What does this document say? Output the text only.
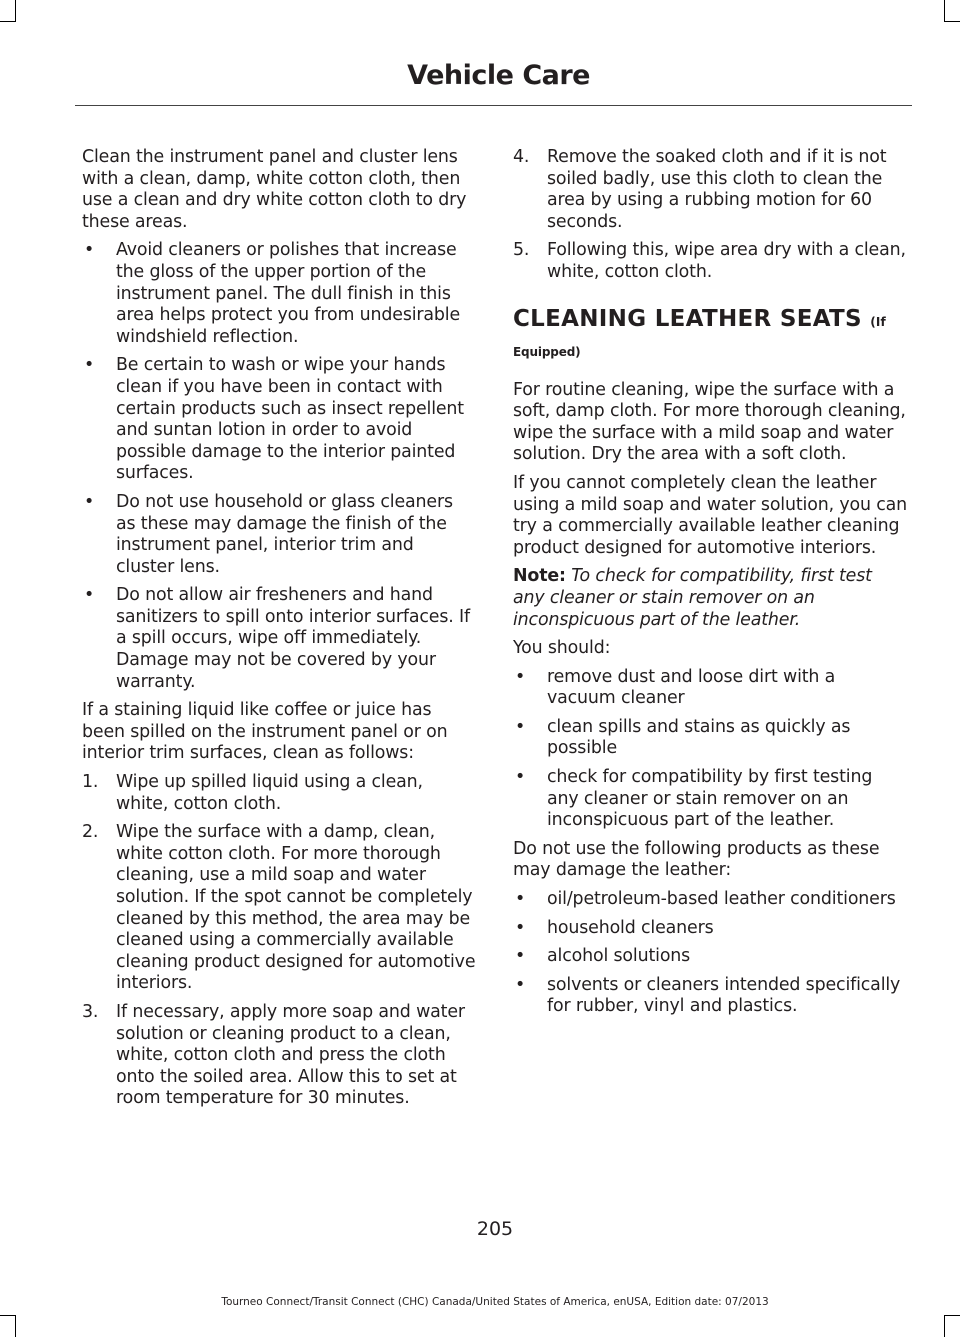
Vehicle Care

Clean the instrument panel and cluster lens with a clean, damp, white cotton cloth, then use a clean and dry white cotton cloth to dry these areas.

• Avoid cleaners or polishes that increase the gloss of the upper portion of the instrument panel. The dull finish in this area helps protect you from undesirable windshield reflection.
• Be certain to wash or wipe your hands clean if you have been in contact with certain products such as insect repellent and suntan lotion in order to avoid possible damage to the interior painted surfaces.
• Do not use household or glass cleaners as these may damage the finish of the instrument panel, interior trim and cluster lens.
• Do not allow air fresheners and hand sanitizers to spill onto interior surfaces. If a spill occurs, wipe off immediately. Damage may not be covered by your warranty.

If a staining liquid like coffee or juice has been spilled on the instrument panel or on interior trim surfaces, clean as follows:

1. Wipe up spilled liquid using a clean, white, cotton cloth.
2. Wipe the surface with a damp, clean, white cotton cloth. For more thorough cleaning, use a mild soap and water solution. If the spot cannot be completely cleaned by this method, the area may be cleaned using a commercially available cleaning product designed for automotive interiors.
3. If necessary, apply more soap and water solution or cleaning product to a clean, white, cotton cloth and press the cloth onto the soiled area. Allow this to set at room temperature for 30 minutes.
4. Remove the soaked cloth and if it is not soiled badly, use this cloth to clean the area by using a rubbing motion for 60 seconds.
5. Following this, wipe area dry with a clean, white, cotton cloth.
CLEANING LEATHER SEATS (If
Equipped)

For routine cleaning, wipe the surface with a soft, damp cloth. For more thorough cleaning, wipe the surface with a mild soap and water solution. Dry the area with a soft cloth.

If you cannot completely clean the leather using a mild soap and water solution, you can try a commercially available leather cleaning product designed for automotive interiors.

Note: To check for compatibility, first test any cleaner or stain remover on an inconspicuous part of the leather.

You should:

• remove dust and loose dirt with a vacuum cleaner
• clean spills and stains as quickly as possible
• check for compatibility by first testing any cleaner or stain remover on an inconspicuous part of the leather.

Do not use the following products as these may damage the leather:

• oil/petroleum-based leather conditioners
• household cleaners
• alcohol solutions
• solvents or cleaners intended specifically for rubber, vinyl and plastics.
205
Tourneo Connect/Transit Connect (CHC) Canada/United States of America, enUSA, Edition date: 07/2013
